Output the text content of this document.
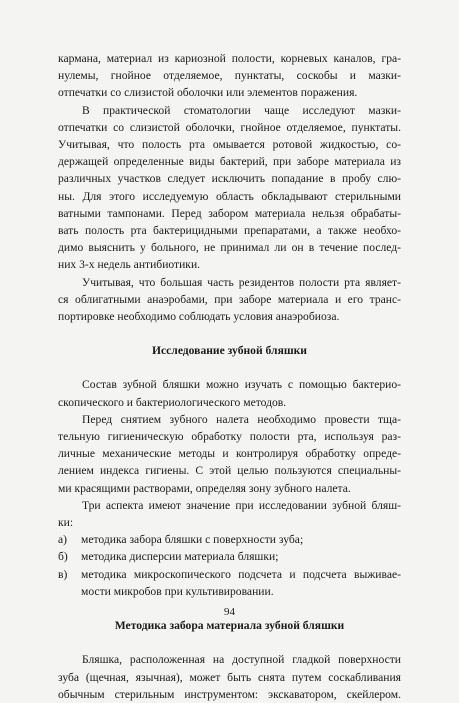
кармана, материал из кариозной полости, корневых каналов, гра-
нулемы, гнойное отделяемое, пунктаты, соскобы и мазки-
отпечатки со слизистой оболочки или элементов поражения.
В практической стоматологии чаще исследуют мазки-
отпечатки со слизистой оболочки, гнойное отделяемое, пунктаты.
Учитывая, что полость рта омывается ротовой жидкостью, со-
держащей определенные виды бактерий, при заборе материала из
различных участков следует исключить попадание в пробу слю-
ны. Для этого исследуемую область обкладывают стерильными
ватными тампонами. Перед забором материала нельзя обрабаты-
вать полость рта бактерицидными препаратами, а также необхо-
димо выяснить у больного, не принимал ли он в течение послед-
них 3-х недель антибиотики.
Учитывая, что большая часть резидентов полости рта являет-
ся облигатными анаэробами, при заборе материала и его транс-
портировке необходимо соблюдать условия анаэробиоза.
Исследование зубной бляшки
Состав зубной бляшки можно изучать с помощью бактерио-
скопического и бактериологического методов.
Перед снятием зубного налета необходимо провести тща-
тельную гигиеническую обработку полости рта, используя раз-
личные механические методы и контролируя обработку опреде-
лением индекса гигиены. С этой целью пользуются специальны-
ми красящими растворами, определяя зону зубного налета.
Три аспекта имеют значение при исследовании зубной бляш-
ки:
а) методика забора бляшки с поверхности зуба;
б) методика дисперсии материала бляшки;
в) методика микроскопического подсчета и подсчета выживае-
мости микробов при культивировании.
Методика забора материала зубной бляшки
Бляшка, расположенная на доступной гладкой поверхности
зуба (щечная, язычная), может быть снята путем соскабливания
обычным стерильным инструментом: экскаватором, скейлером.
94
